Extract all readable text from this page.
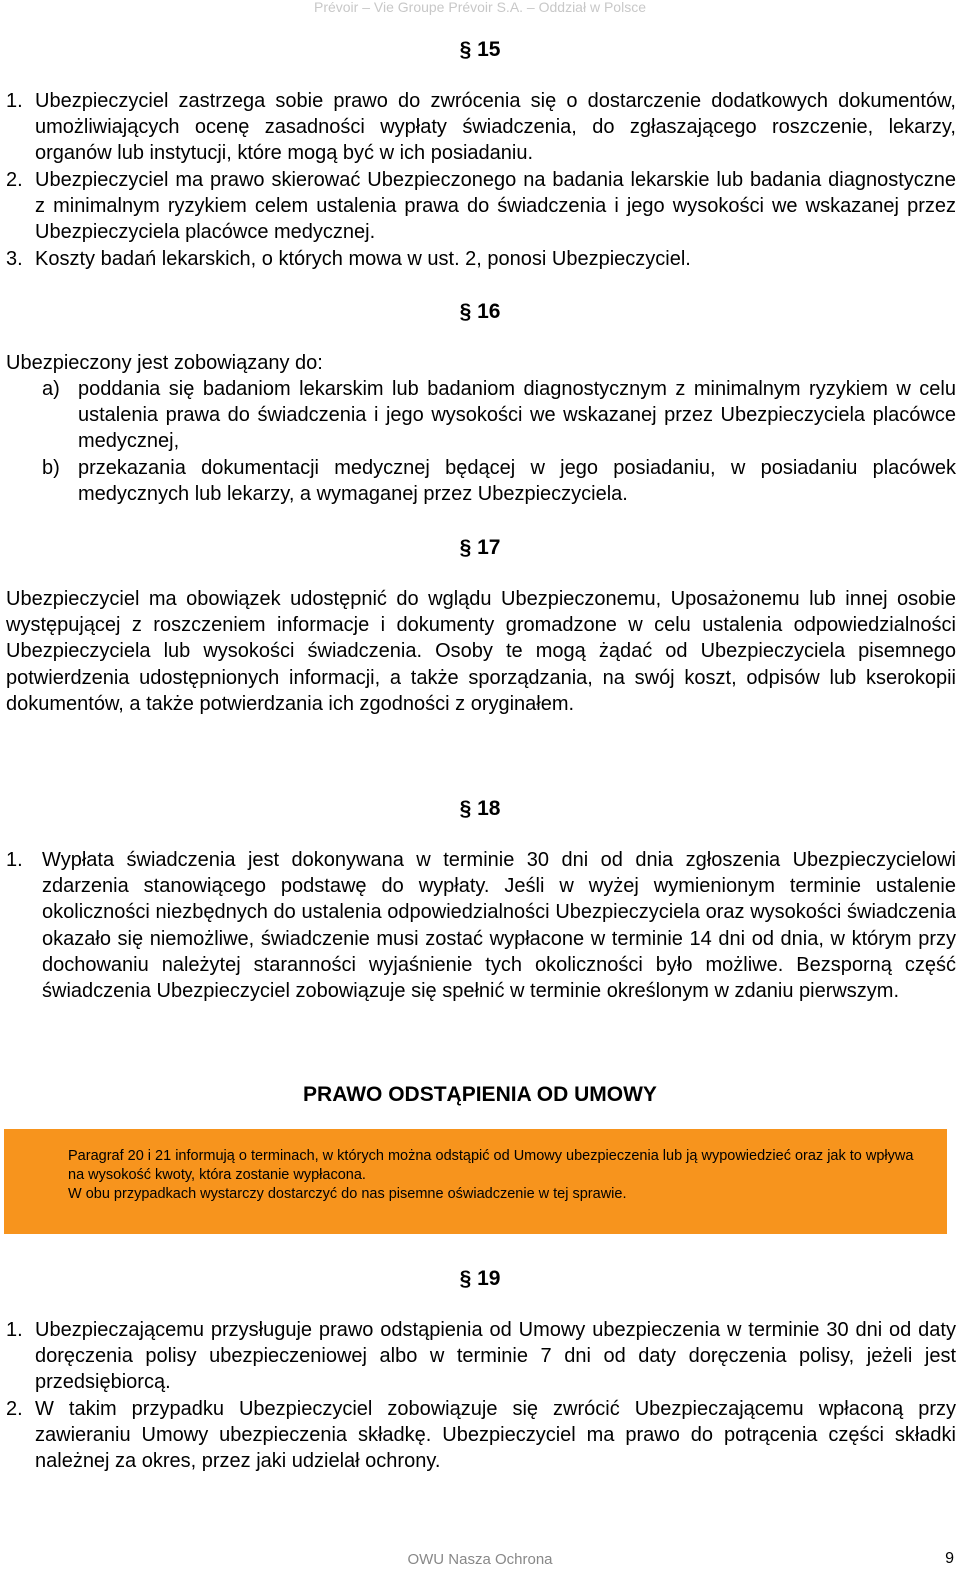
Prévoir – Vie Groupe Prévoir S.A. – Oddział w Polsce
§ 15
1. Ubezpieczyciel zastrzega sobie prawo do zwrócenia się o dostarczenie dodatkowych dokumentów, umożliwiających ocenę zasadności wypłaty świadczenia, do zgłaszającego roszczenie, lekarzy, organów lub instytucji, które mogą być w ich posiadaniu.
2. Ubezpieczyciel ma prawo skierować Ubezpieczonego na badania lekarskie lub badania diagnostyczne z minimalnym ryzykiem celem ustalenia prawa do świadczenia i jego wysokości we wskazanej przez Ubezpieczyciela placówce medycznej.
3. Koszty badań lekarskich, o których mowa w ust. 2, ponosi Ubezpieczyciel.
§ 16
Ubezpieczony jest zobowiązany do:
a) poddania się badaniom lekarskim lub badaniom diagnostycznym z minimalnym ryzykiem w celu ustalenia prawa do świadczenia i jego wysokości we wskazanej przez Ubezpieczyciela placówce medycznej,
b) przekazania dokumentacji medycznej będącej w jego posiadaniu, w posiadaniu placówek medycznych lub lekarzy, a wymaganej przez Ubezpieczyciela.
§ 17
Ubezpieczyciel ma obowiązek udostępnić do wglądu Ubezpieczonemu, Uposażonemu lub innej osobie występującej z roszczeniem informacje i dokumenty gromadzone w celu ustalenia odpowiedzialności Ubezpieczyciela lub wysokości świadczenia. Osoby te mogą żądać od Ubezpieczyciela pisemnego potwierdzenia udostępnionych informacji, a także sporządzania, na swój koszt, odpisów lub kserokopii dokumentów, a także potwierdzania ich zgodności z oryginałem.
§ 18
1. Wypłata świadczenia jest dokonywana w terminie 30 dni od dnia zgłoszenia Ubezpieczycielowi zdarzenia stanowiącego podstawę do wypłaty. Jeśli w wyżej wymienionym terminie ustalenie okoliczności niezbędnych do ustalenia odpowiedzialności Ubezpieczyciela oraz wysokości świadczenia okazało się niemożliwe, świadczenie musi zostać wypłacone w terminie 14 dni od dnia, w którym przy dochowaniu należytej staranności wyjaśnienie tych okoliczności było możliwe. Bezsporną część świadczenia Ubezpieczyciel zobowiązuje się spełnić w terminie określonym w zdaniu pierwszym.
PRAWO ODSTĄPIENIA OD UMOWY

Paragraf 20 i 21 informują o terminach, w których można odstąpić od Umowy ubezpieczenia lub ją wypowiedzieć oraz jak to wpływa na wysokość kwoty, która zostanie wypłacona.

W obu przypadkach wystarczy dostarczyć do nas pisemne oświadczenie w tej sprawie.

§ 19
1. Ubezpieczającemu przysługuje prawo odstąpienia od Umowy ubezpieczenia w terminie 30 dni od daty doręczenia polisy ubezpieczeniowej albo w terminie 7 dni od daty doręczenia polisy, jeżeli jest przedsiębiorcą.
2. W takim przypadku Ubezpieczyciel zobowiązuje się zwrócić Ubezpieczającemu wpłaconą przy zawieraniu Umowy ubezpieczenia składkę. Ubezpieczyciel ma prawo do potrącenia części składki należnej za okres, przez jaki udzielał ochrony.
OWU Nasza Ochrona	9
